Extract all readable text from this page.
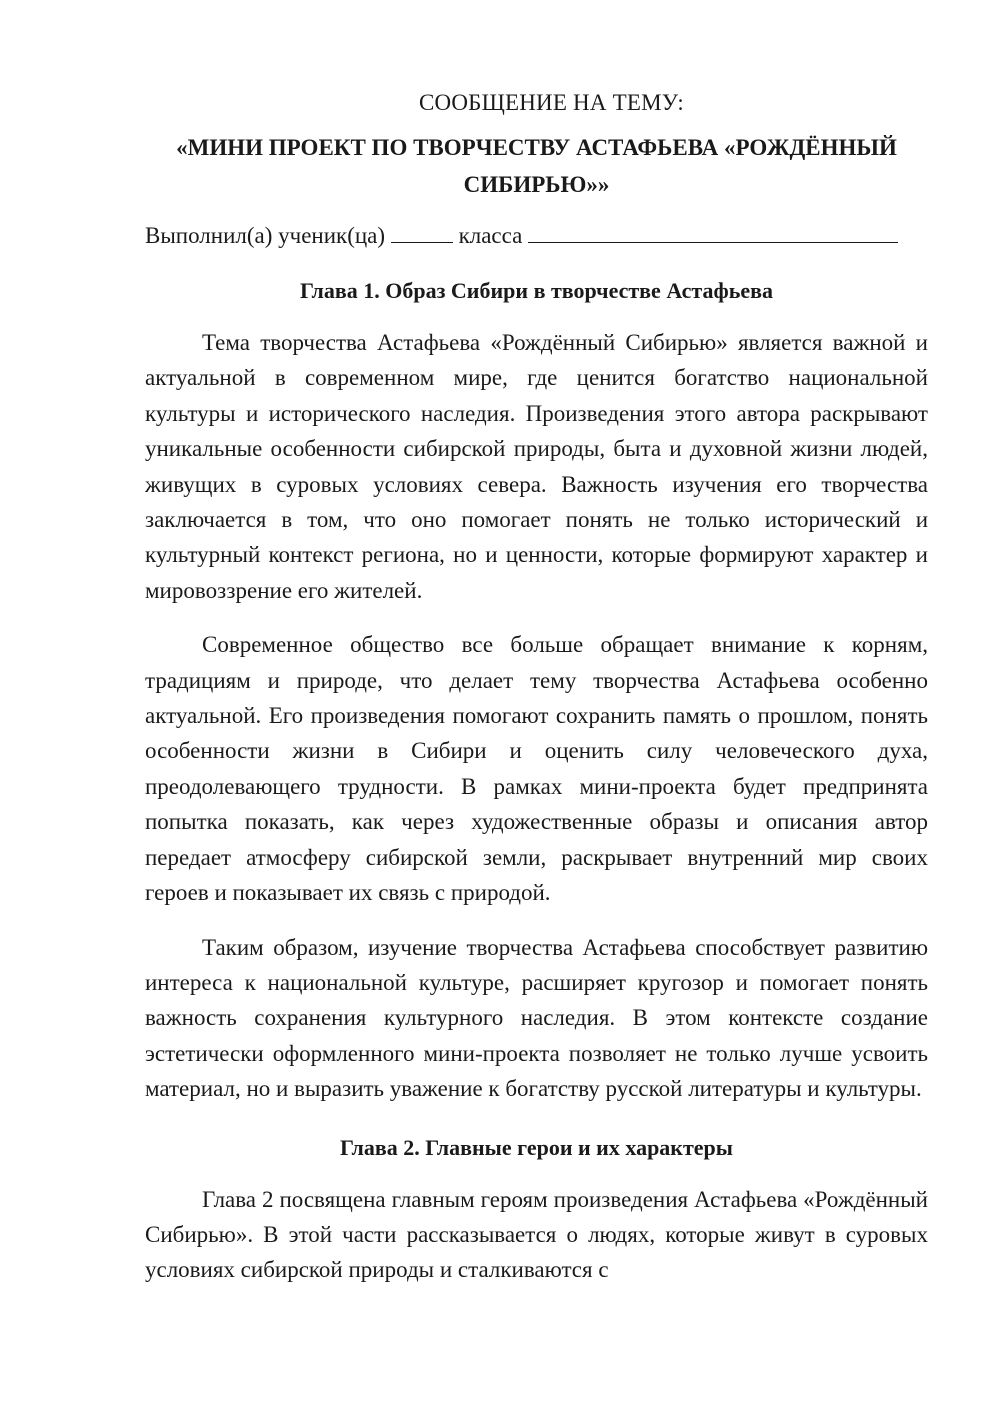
СООБЩЕНИЕ НА ТЕМУ:

«МИНИ ПРОЕКТ ПО ТВОРЧЕСТВУ АСТАФЬЕВА «РОЖДЁННЫЙ СИБИРЬЮ»»

Выполнил(а) ученик(ца)	класса

Глава 1. Образ Сибири в творчестве Астафьева

Тема творчества Астафьева «Рождённый Сибирью» является важной и актуальной в современном мире, где ценится богатство национальной культуры и исторического наследия. Произведения этого автора раскрывают уникальные особенности сибирской природы, быта и духовной жизни людей, живущих в суровых условиях севера. Важность изучения его творчества заключается в том, что оно помогает понять не только исторический и культурный контекст региона, но и ценности, которые формируют характер и мировоззрение его жителей.

Современное общество все больше обращает внимание к корням, традициям и природе, что делает тему творчества Астафьева особенно актуальной. Его произведения помогают сохранить память о прошлом, понять особенности жизни в Сибири и оценить силу человеческого духа, преодолевающего трудности. В рамках мини-проекта будет предпринята попытка показать, как через художественные образы и описания автор передает атмосферу сибирской земли, раскрывает внутренний мир своих героев и показывает их связь с природой.

Таким образом, изучение творчества Астафьева способствует развитию интереса к национальной культуре, расширяет кругозор и помогает понять важность сохранения культурного наследия. В этом контексте создание эстетически оформленного мини-проекта позволяет не только лучше усвоить материал, но и выразить уважение к богатству русской литературы и культуры.

Глава 2. Главные герои и их характеры

Глава 2 посвящена главным героям произведения Астафьева «Рождённый Сибирью». В этой части рассказывается о людях, которые живут в суровых условиях сибирской природы и сталкиваются с
